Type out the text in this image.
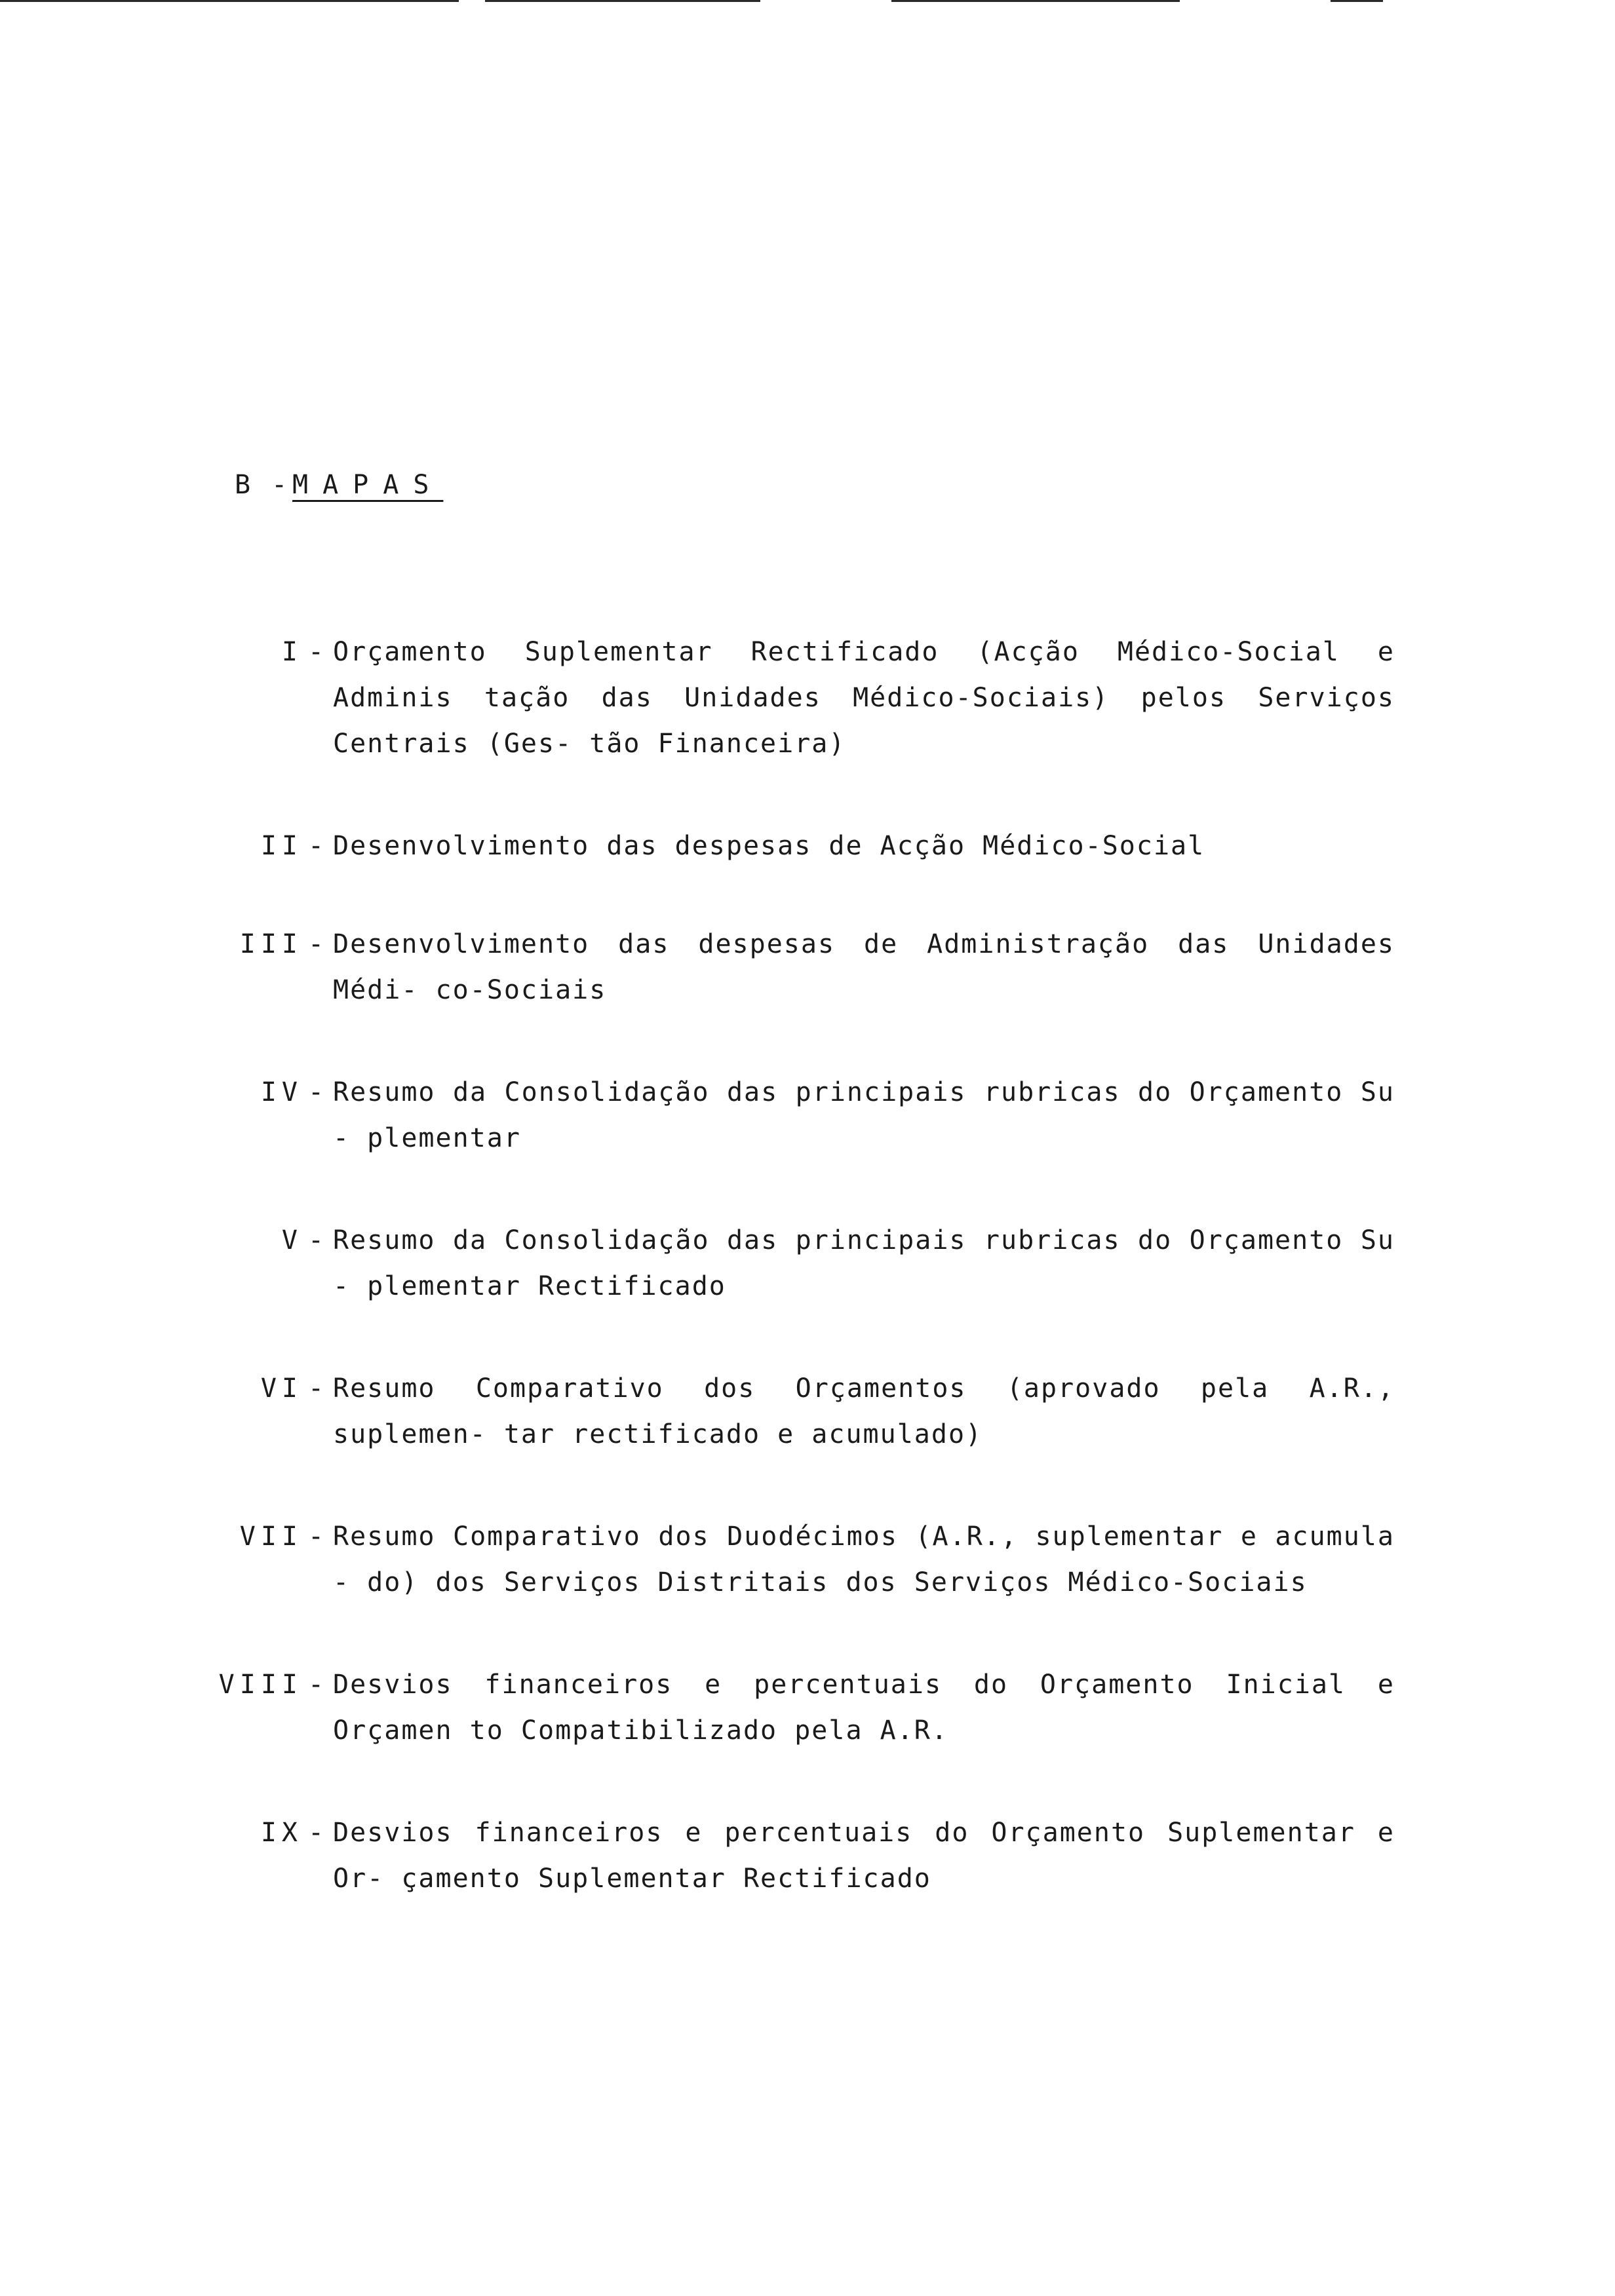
B -MAPAS
I - Orçamento Suplementar Rectificado (Acção Médico-Social e Adminis tação das Unidades Médico-Sociais) pelos Serviços Centrais (Ges- tão Financeira)
II - Desenvolvimento das despesas de Acção Médico-Social
III - Desenvolvimento das despesas de Administração das Unidades Médi- co-Sociais
IV - Resumo da Consolidação das principais rubricas do Orçamento Su - plementar
V - Resumo da Consolidação das principais rubricas do Orçamento Su - plementar Rectificado
VI - Resumo Comparativo dos Orçamentos (aprovado pela A.R., suplemen- tar rectificado e acumulado)
VII - Resumo Comparativo dos Duodécimos (A.R., suplementar e acumula - do) dos Serviços Distritais dos Serviços Médico-Sociais
VIII - Desvios financeiros e percentuais do Orçamento Inicial e Orçamen to Compatibilizado pela A.R.
IX - Desvios financeiros e percentuais do Orçamento Suplementar e Or- çamento Suplementar Rectificado
